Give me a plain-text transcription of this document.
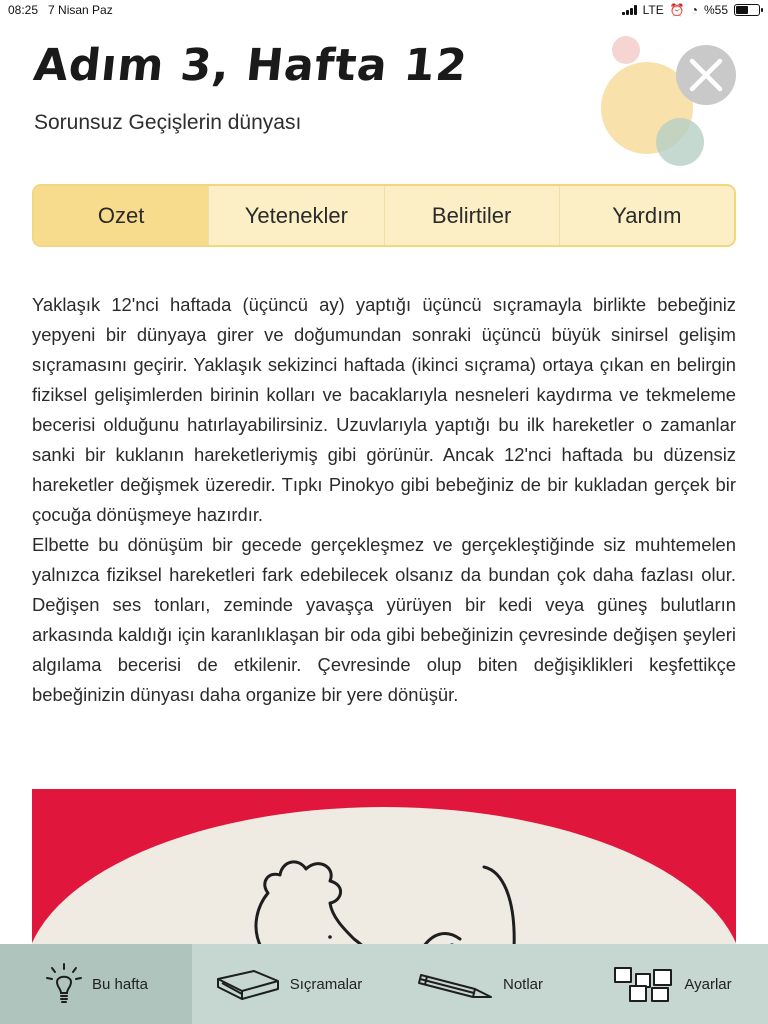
08:25 7 Nisan Paz	LTE ⏰ ◔ %55
Adım 3, Hafta 12
Sorunsuz Geçişlerin dünyası
Ozet	Yetenekler	Belirtiler	Yardım

Yaklaşık 12'nci haftada (üçüncü ay) yaptığı üçüncü sıçramayla birlikte bebeğiniz yepyeni bir dünyaya girer ve doğumundan sonraki üçüncü büyük sinirsel gelişim sıçramasını geçirir. Yaklaşık sekizinci haftada (ikinci sıçrama) ortaya çıkan en belirgin fiziksel gelişimlerden birinin kolları ve bacaklarıyla nesneleri kaydırma ve tekmeleme becerisi olduğunu hatırlayabilirsiniz. Uzuvlarıyla yaptığı bu ilk hareketler o zamanlar sanki bir kuklanın hareketleriymiş gibi görünür. Ancak 12'nci haftada bu düzensiz hareketler değişmek üzeredir. Tıpkı Pinokyo gibi bebeğiniz de bir kukladan gerçek bir çocuğa dönüşmeye hazırdır.

Elbette bu dönüşüm bir gecede gerçekleşmez ve gerçekleştiğinde siz muhtemelen yalnızca fiziksel hareketleri fark edebilecek olsanız da bundan çok daha fazlası olur. Değişen ses tonları, zeminde yavaşça yürüyen bir kedi veya güneş bulutların arkasında kaldığı için karanlıklaşan bir oda gibi bebeğinizin çevresinde değişen şeyleri algılama becerisi de etkilenir. Çevresinde olup biten değişiklikleri keşfettikçe bebeğinizin dünyası daha organize bir yere dönüşür.

Bu hafta	Sıçramalar	Notlar	Ayarlar
